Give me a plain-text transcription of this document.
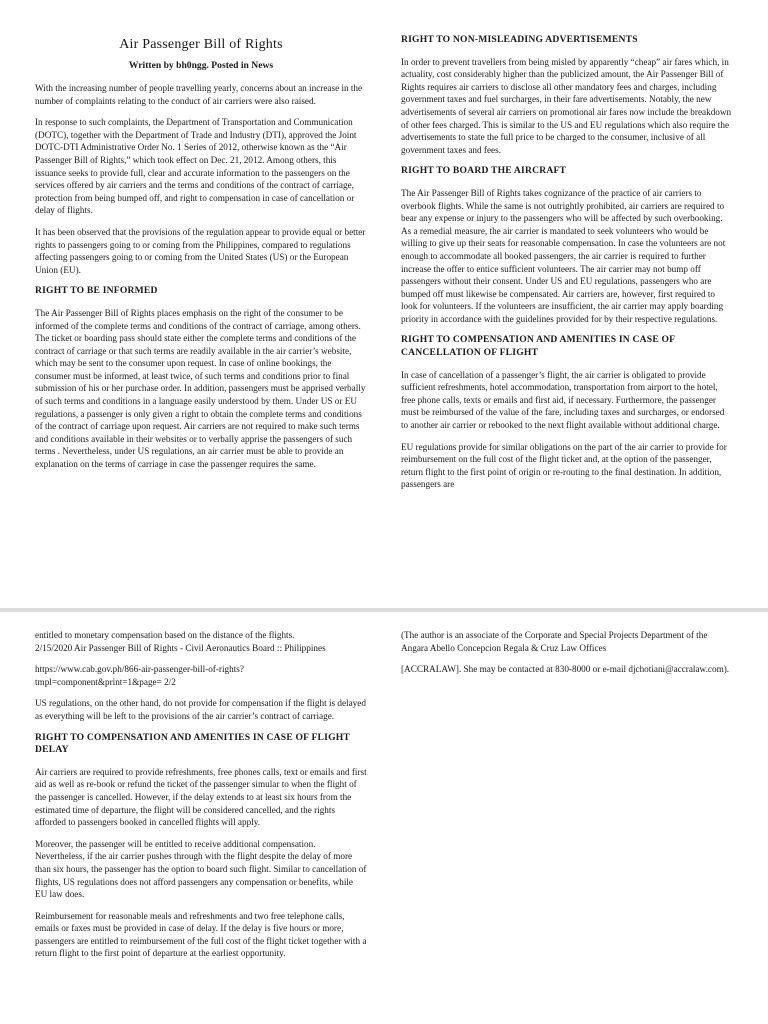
Air Passenger Bill of Rights
Written by bh0ngg. Posted in News

With the increasing number of people travelling yearly, concerns about an increase in the number of complaints relating to the conduct of air carriers were also raised.

In response to such complaints, the Department of Transportation and Communication (DOTC), together with the Department of Trade and Industry (DTI), approved the Joint DOTC-DTI Administrative Order No. 1 Series of 2012, otherwise known as the “Air Passenger Bill of Rights,” which took effect on Dec. 21, 2012. Among others, this issuance seeks to provide full, clear and accurate information to the passengers on the services offered by air carriers and the terms and conditions of the contract of carriage, protection from being bumped off, and right to compensation in case of cancellation or delay of flights.

It has been observed that the provisions of the regulation appear to provide equal or better rights to passengers going to or coming from the Philippines, compared to regulations affecting passengers going to or coming from the United States (US) or the European Union (EU).

RIGHT TO BE INFORMED

The Air Passenger Bill of Rights places emphasis on the right of the consumer to be informed of the complete terms and conditions of the contract of carriage, among others. The ticket or boarding pass should state either the complete terms and conditions of the contract of carriage or that such terms are readily available in the air carrier’s website, which may be sent to the consumer upon request. In case of online bookings, the consumer must be informed, at least twice, of such terms and conditions prior to final submission of his or her purchase order. In addition, passengers must be apprised verbally of such terms and conditions in a language easily understood by them. Under US or EU regulations, a passenger is only given a right to obtain the complete terms and conditions of the contract of carriage upon request. Air carriers are not required to make such terms and conditions available in their websites or to verbally apprise the passengers of such terms . Nevertheless, under US regulations, an air carrier must be able to provide an explanation on the terms of carriage in case the passenger requires the same.

RIGHT TO NON-MISLEADING ADVERTISEMENTS

In order to prevent travellers from being misled by apparently “cheap” air fares which, in actuality, cost considerably higher than the publicized amount, the Air Passenger Bill of Rights requires air carriers to disclose all other mandatory fees and charges, including government taxes and fuel surcharges, in their fare advertisements. Notably, the new advertisements of several air carriers on promotional air fares now include the breakdown of other fees charged. This is similar to the US and EU regulations which also require the advertisements to state the full price to be charged to the consumer, inclusive of all government taxes and fees.

RIGHT TO BOARD THE AIRCRAFT

The Air Passenger Bill of Rights takes cognizance of the practice of air carriers to overbook flights. While the same is not outrightly prohibited, air carriers are required to bear any expense or injury to the passengers who will be affected by such overbooking. As a remedial measure, the air carrier is mandated to seek volunteers who would be willing to give up their seats for reasonable compensation. In case the volunteers are not enough to accommodate all booked passengers, the air carrier is required to further increase the offer to entice sufficient volunteers. The air carrier may not bump off passengers without their consent. Under US and EU regulations, passengers who are bumped off must likewise be compensated. Air carriers are, however, first required to look for volunteers. If the volunteers are insufficient, the air carrier may apply boarding priority in accordance with the guidelines provided for by their respective regulations.

RIGHT TO COMPENSATION AND AMENITIES IN CASE OF CANCELLATION OF FLIGHT

In case of cancellation of a passenger’s flight, the air carrier is obligated to provide sufficient refreshments, hotel accommodation, transportation from airport to the hotel, free phone calls, texts or emails and first aid, if necessary. Furthermore, the passenger must be reimbursed of the value of the fare, including taxes and surcharges, or endorsed to another air carrier or rebooked to the next flight available without additional charge.

EU regulations provide for similar obligations on the part of the air carrier to provide for reimbursement on the full cost of the flight ticket and, at the option of the passenger, return flight to the first point of origin or re-routing to the final destination. In addition, passengers are

entitled to monetary compensation based on the distance of the flights.

2/15/2020 Air Passenger Bill of Rights - Civil Aeronautics Board :: Philippines

https://www.cab.gov.ph/866-air-passenger-bill-of-rights?tmpl=component&print=1&page= 2/2

US regulations, on the other hand, do not provide for compensation if the flight is delayed as everything will be left to the provisions of the air carrier’s contract of carriage.

RIGHT TO COMPENSATION AND AMENITIES IN CASE OF FLIGHT DELAY

Air carriers are required to provide refreshments, free phones calls, text or emails and first aid as well as re-book or refund the ticket of the passenger simular to when the flight of the passenger is cancelled. However, if the delay extends to at least six hours from the estimated time of departure, the flight will be considered cancelled, and the rights afforded to passengers booked in cancelled flights will apply.

Moreover, the passenger will be entitled to receive additional compensation. Nevertheless, if the air carrier pushes through with the flight despite the delay of more than six hours, the passenger has the option to board such flight. Similar to cancellation of flights, US regulations does not afford passengers any compensation or benefits, while EU law does.

Reimbursement for reasonable meals and refreshments and two free telephone calls, emails or faxes must be provided in case of delay. If the delay is five hours or more, passengers are entitled to reimbursement of the full cost of the flight ticket together with a return flight to the first point of departure at the earliest opportunity.

(The author is an associate of the Corporate and Special Projects Department of the Angara Abello Concepcion Regala & Cruz Law Offices

[ACCRALAW]. She may be contacted at 830-8000 or e-mail djchotiani@accralaw.com).
